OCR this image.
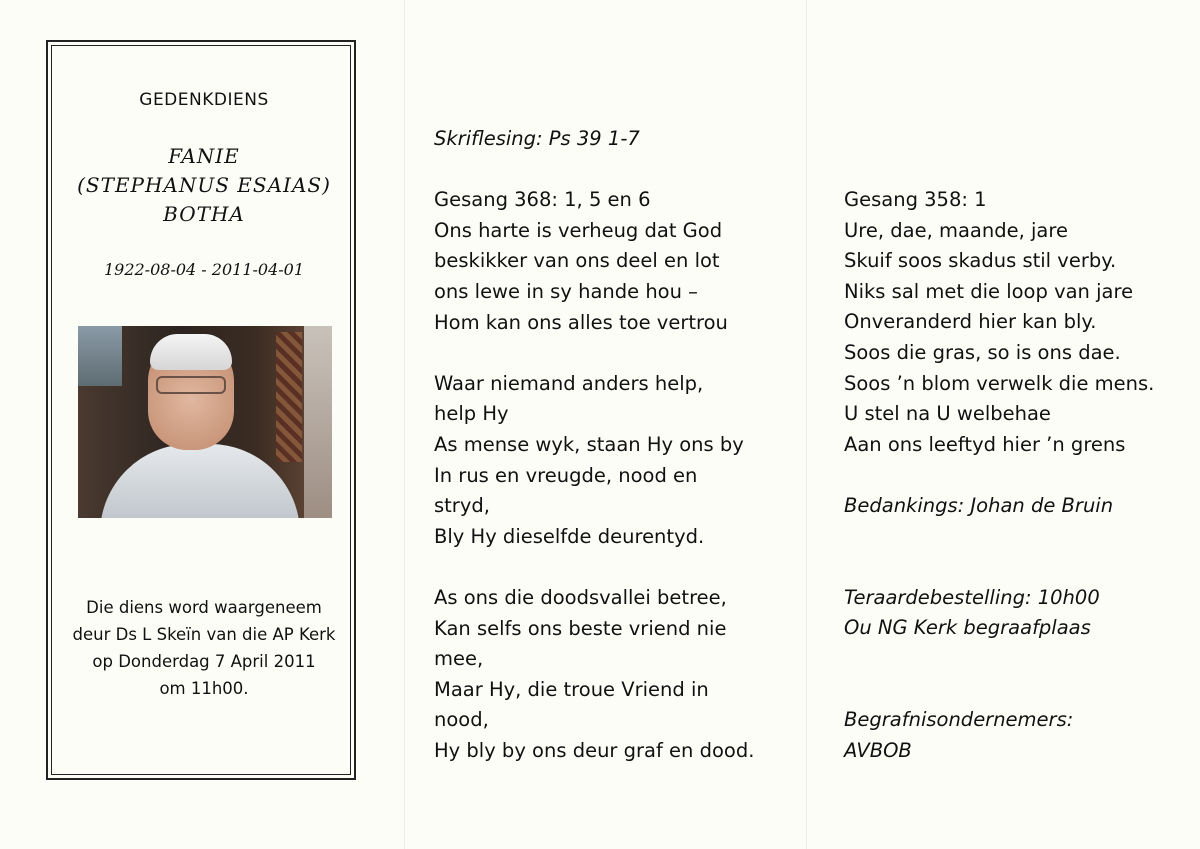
GEDENKDIENS
FANIE
(STEPHANUS ESAIAS)
BOTHA
1922-08-04 - 2011-04-01
Die diens word waargeneem
deur Ds L Skeïn van die AP Kerk
op Donderdag 7 April 2011
om 11h00.

Skriflesing: Ps 39 1-7

Gesang 368: 1, 5 en 6

Ons harte is verheug dat God

beskikker van ons deel en lot

ons lewe in sy hande hou –

Hom kan ons alles toe vertrou

Waar niemand anders help,

help Hy

As mense wyk, staan Hy ons by

In rus en vreugde, nood en

stryd,

Bly Hy dieselfde deurentyd.

As ons die doodsvallei betree,

Kan selfs ons beste vriend nie

mee,

Maar Hy, die troue Vriend in

nood,

Hy bly by ons deur graf en dood.

Gesang 358: 1

Ure, dae, maande, jare

Skuif soos skadus stil verby.

Niks sal met die loop van jare

Onveranderd hier kan bly.

Soos die gras, so is ons dae.

Soos ’n blom verwelk die mens.

U stel na U welbehae

Aan ons leeftyd hier ’n grens

Bedankings: Johan de Bruin

Teraardebestelling: 10h00

Ou NG Kerk begraafplaas

Begrafnisondernemers:

AVBOB
